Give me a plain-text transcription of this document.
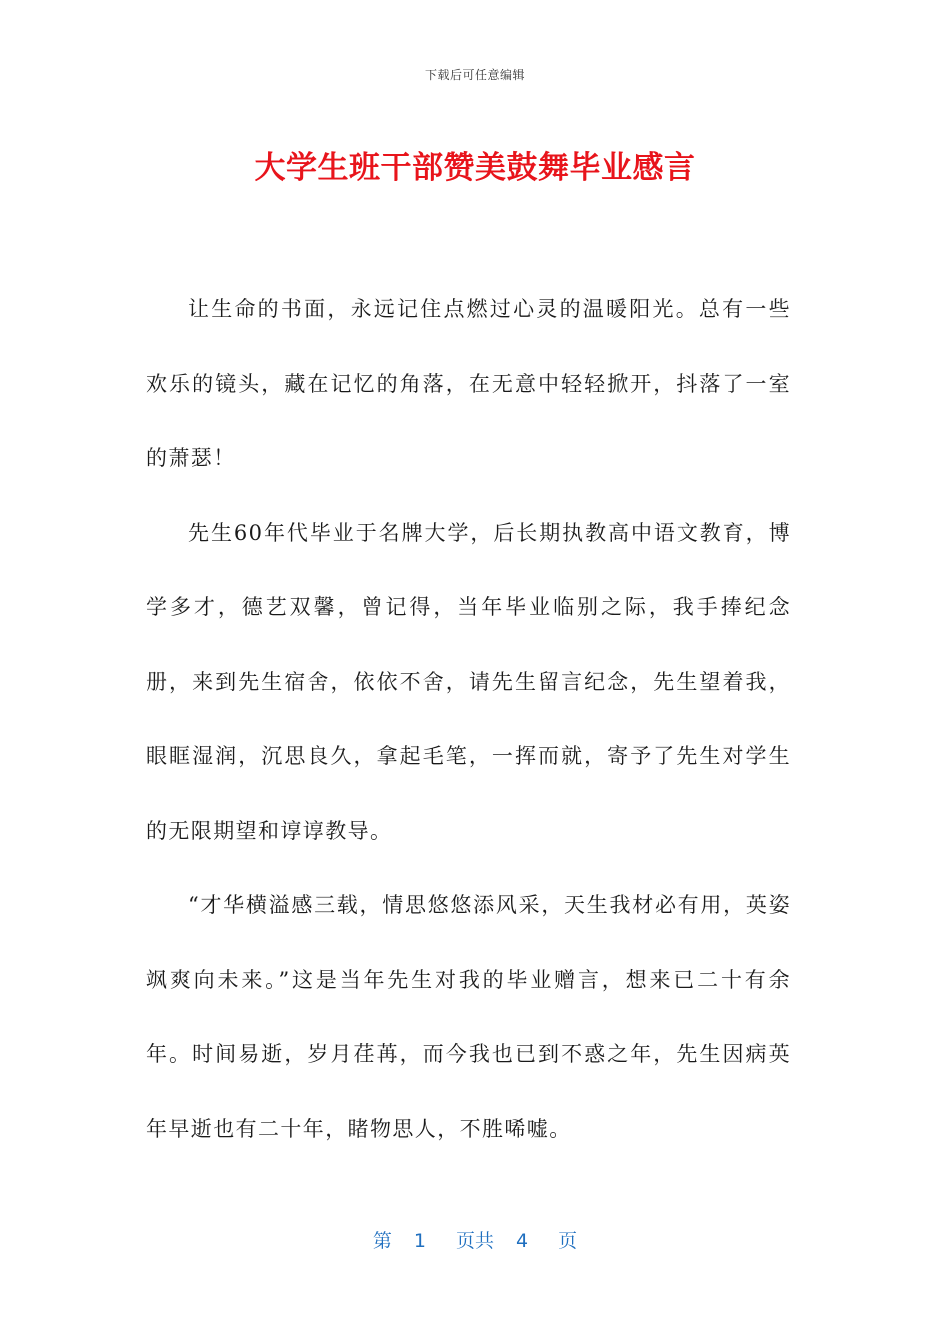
下载后可任意编辑
大学生班干部赞美鼓舞毕业感言

让生命的书面，永远记住点燃过心灵的温暖阳光。总有一些欢乐的镜头，藏在记忆的角落，在无意中轻轻掀开，抖落了一室的萧瑟！

先生60年代毕业于名牌大学，后长期执教高中语文教育，博学多才，德艺双馨，曾记得，当年毕业临别之际，我手捧纪念册，来到先生宿舍，依依不舍，请先生留言纪念，先生望着我，眼眶湿润，沉思良久，拿起毛笔，一挥而就，寄予了先生对学生的无限期望和谆谆教导。

“才华横溢感三载，情思悠悠添风采，天生我材必有用，英姿飒爽向未来。”这是当年先生对我的毕业赠言，想来已二十有余年。时间易逝，岁月荏苒，而今我也已到不惑之年，先生因病英年早逝也有二十年，睹物思人，不胜唏嘘。

第 1 页共 4 页
